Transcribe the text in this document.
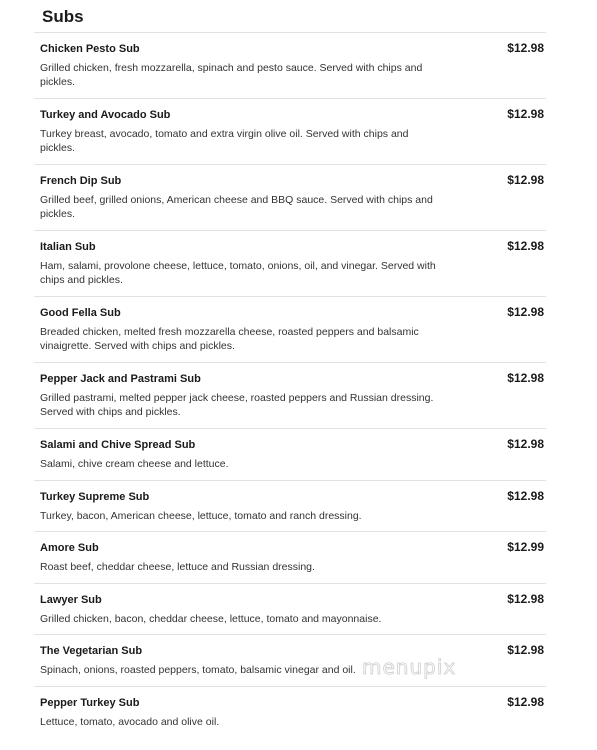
Subs
Chicken Pesto Sub	$12.98
Grilled chicken, fresh mozzarella, spinach and pesto sauce. Served with chips and pickles.
Turkey and Avocado Sub	$12.98
Turkey breast, avocado, tomato and extra virgin olive oil. Served with chips and pickles.
French Dip Sub	$12.98
Grilled beef, grilled onions, American cheese and BBQ sauce. Served with chips and pickles.
Italian Sub	$12.98
Ham, salami, provolone cheese, lettuce, tomato, onions, oil, and vinegar. Served with chips and pickles.
Good Fella Sub	$12.98
Breaded chicken, melted fresh mozzarella cheese, roasted peppers and balsamic vinaigrette. Served with chips and pickles.
Pepper Jack and Pastrami Sub	$12.98
Grilled pastrami, melted pepper jack cheese, roasted peppers and Russian dressing. Served with chips and pickles.
Salami and Chive Spread Sub	$12.98
Salami, chive cream cheese and lettuce.
Turkey Supreme Sub	$12.98
Turkey, bacon, American cheese, lettuce, tomato and ranch dressing.
Amore Sub	$12.99
Roast beef, cheddar cheese, lettuce and Russian dressing.
Lawyer Sub	$12.98
Grilled chicken, bacon, cheddar cheese, lettuce, tomato and mayonnaise.
The Vegetarian Sub	$12.98
Spinach, onions, roasted peppers, tomato, balsamic vinegar and oil.
Pepper Turkey Sub	$12.98
Lettuce, tomato, avocado and olive oil.
menupix
